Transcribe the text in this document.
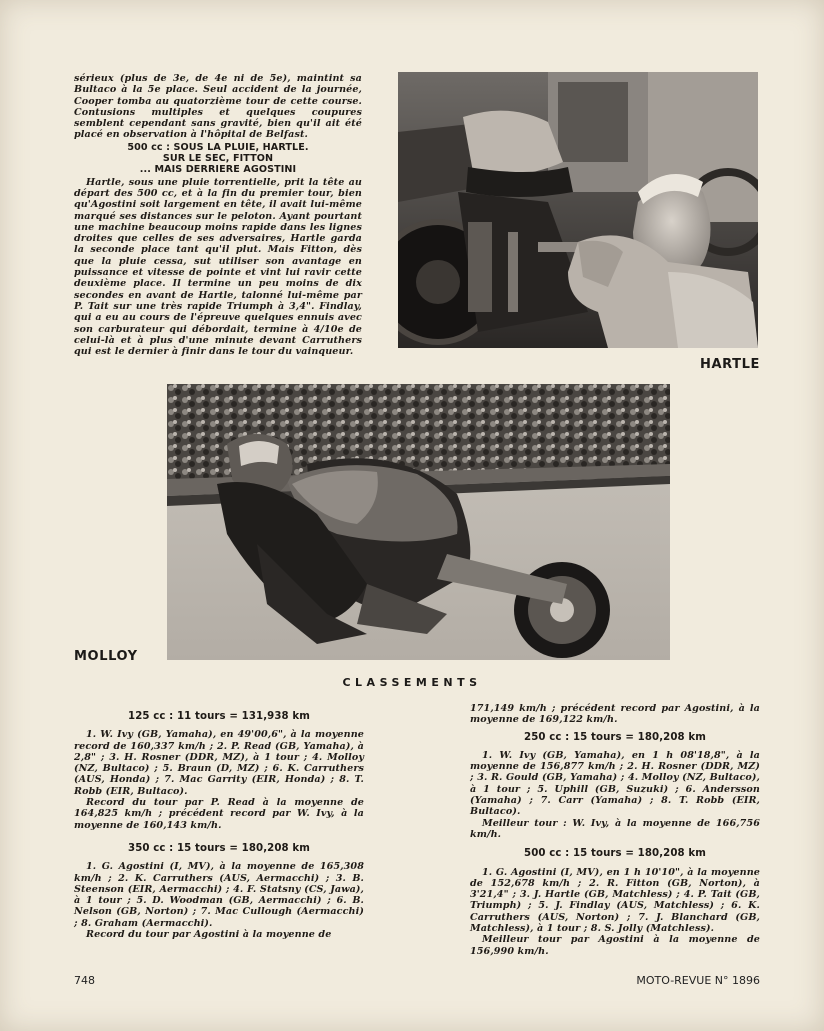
sérieux (plus de 3e, de 4e ni de 5e), maintint sa Bultaco à la 5e place. Seul accident de la journée, Cooper tomba au quatorzième tour de cette course. Contusions multiples et quelques coupures semblent cependant sans gravité, bien qu'il ait été placé en observation à l'hôpital de Belfast.

500 cc : SOUS LA PLUIE, HARTLE.
SUR LE SEC, FITTON
... MAIS DERRIERE AGOSTINI

Hartle, sous une pluie torrentielle, prit la tête au départ des 500 cc, et à la fin du premier tour, bien qu'Agostini soit largement en tête, il avait lui-même marqué ses distances sur le peloton. Ayant pourtant une machine beaucoup moins rapide dans les lignes droites que celles de ses adversaires, Hartle garda la seconde place tant qu'il plut. Mais Fitton, dès que la pluie cessa, sut utiliser son avantage en puissance et vitesse de pointe et vint lui ravir cette deuxième place. Il termine un peu moins de dix secondes en avant de Hartle, talonné lui-même par P. Tait sur une très rapide Triumph à 3,4". Findlay, qui a eu au cours de l'épreuve quelques ennuis avec son carburateur qui débordait, termine à 4/10e de celui-là et à plus d'une minute devant Carruthers qui est le dernier à finir dans le tour du vainqueur.

HARTLE
MOLLOY
CLASSEMENTS
125 cc : 11 tours = 131,938 km

1. W. Ivy (GB, Yamaha), en 49'00,6", à la moyenne record de 160,337 km/h ; 2. P. Read (GB, Yamaha), à 2,8" ; 3. H. Rosner (DDR, MZ), à 1 tour ; 4. Molloy (NZ, Bultaco) ; 5. Braun (D, MZ) ; 6. K. Carruthers (AUS, Honda) ; 7. Mac Garrity (EIR, Honda) ; 8. T. Robb (EIR, Bultaco).

Record du tour par P. Read à la moyenne de 164,825 km/h ; précédent record par W. Ivy, à la moyenne de 160,143 km/h.

350 cc : 15 tours = 180,208 km

1. G. Agostini (I, MV), à la moyenne de 165,308 km/h ; 2. K. Carruthers (AUS, Aermacchi) ; 3. B. Steenson (EIR, Aermacchi) ; 4. F. Statsny (CS, Jawa), à 1 tour ; 5. D. Woodman (GB, Aermacchi) ; 6. B. Nelson (GB, Norton) ; 7. Mac Cullough (Aermacchi) ; 8. Graham (Aermacchi).

Record du tour par Agostini à la moyenne de

171,149 km/h ; précédent record par Agostini, à la moyenne de 169,122 km/h.

250 cc : 15 tours = 180,208 km

1. W. Ivy (GB, Yamaha), en 1 h 08'18,8", à la moyenne de 156,877 km/h ; 2. H. Rosner (DDR, MZ) ; 3. R. Gould (GB, Yamaha) ; 4. Molloy (NZ, Bultaco), à 1 tour ; 5. Uphill (GB, Suzuki) ; 6. Andersson (Yamaha) ; 7. Carr (Yamaha) ; 8. T. Robb (EIR, Bultaco).

Meilleur tour : W. Ivy, à la moyenne de 166,756 km/h.

500 cc : 15 tours = 180,208 km

1. G. Agostini (I, MV), en 1 h 10'10", à la moyenne de 152,678 km/h ; 2. R. Fitton (GB, Norton), à 3'21,4" ; 3. J. Hartle (GB, Matchless) ; 4. P. Tait (GB, Triumph) ; 5. J. Findlay (AUS, Matchless) ; 6. K. Carruthers (AUS, Norton) ; 7. J. Blanchard (GB, Matchless), à 1 tour ; 8. S. Jolly (Matchless).

Meilleur tour par Agostini à la moyenne de 156,990 km/h.

748	MOTO-REVUE N° 1896
